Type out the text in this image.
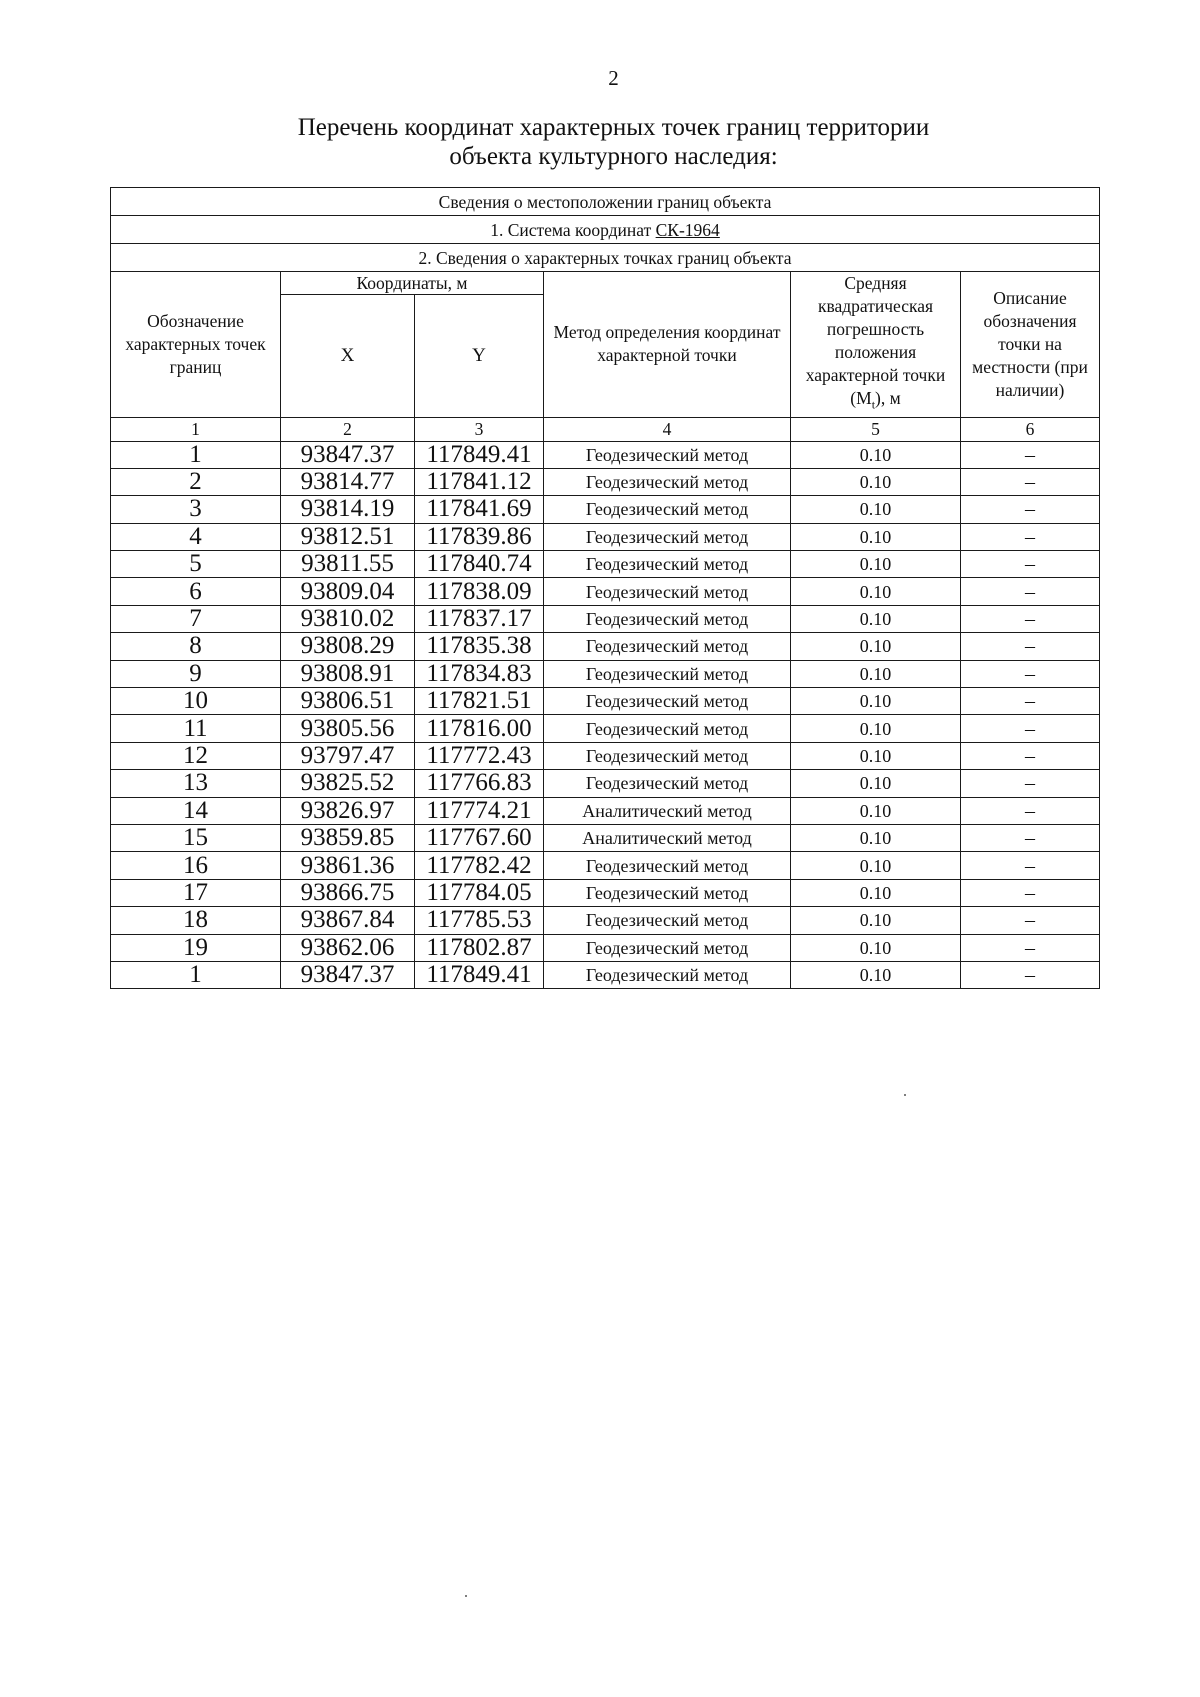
2
Перечень координат характерных точек границ территории
объекта культурного наследия:
Сведения о местоположении границ объекта					
1. Система координат СК-1964					
2. Сведения о характерных точках границ объекта					
Обозначение характерных точек границ	Координаты, м		Метод определения координат характерной точки	Средняя квадратическая погрешность положения характерной точки $(M_t)$, м	Описание обозначения точки на местности (при наличии)
	X	Y			
1	2	3	4	5	6
1	93847.37	117849.41	Геодезический метод	0.10	–
2	93814.77	117841.12	Геодезический метод	0.10	–
3	93814.19	117841.69	Геодезический метод	0.10	–
4	93812.51	117839.86	Геодезический метод	0.10	–
5	93811.55	117840.74	Геодезический метод	0.10	–
6	93809.04	117838.09	Геодезический метод	0.10	–
7	93810.02	117837.17	Геодезический метод	0.10	–
8	93808.29	117835.38	Геодезический метод	0.10	–
9	93808.91	117834.83	Геодезический метод	0.10	–
10	93806.51	117821.51	Геодезический метод	0.10	–
11	93805.56	117816.00	Геодезический метод	0.10	–
12	93797.47	117772.43	Геодезический метод	0.10	–
13	93825.52	117766.83	Геодезический метод	0.10	–
14	93826.97	117774.21	Аналитический метод	0.10	–
15	93859.85	117767.60	Аналитический метод	0.10	–
16	93861.36	117782.42	Геодезический метод	0.10	–
17	93866.75	117784.05	Геодезический метод	0.10	–
18	93867.84	117785.53	Геодезический метод	0.10	–
19	93862.06	117802.87	Геодезический метод	0.10	–
1	93847.37	117849.41	Геодезический метод	0.10	–
